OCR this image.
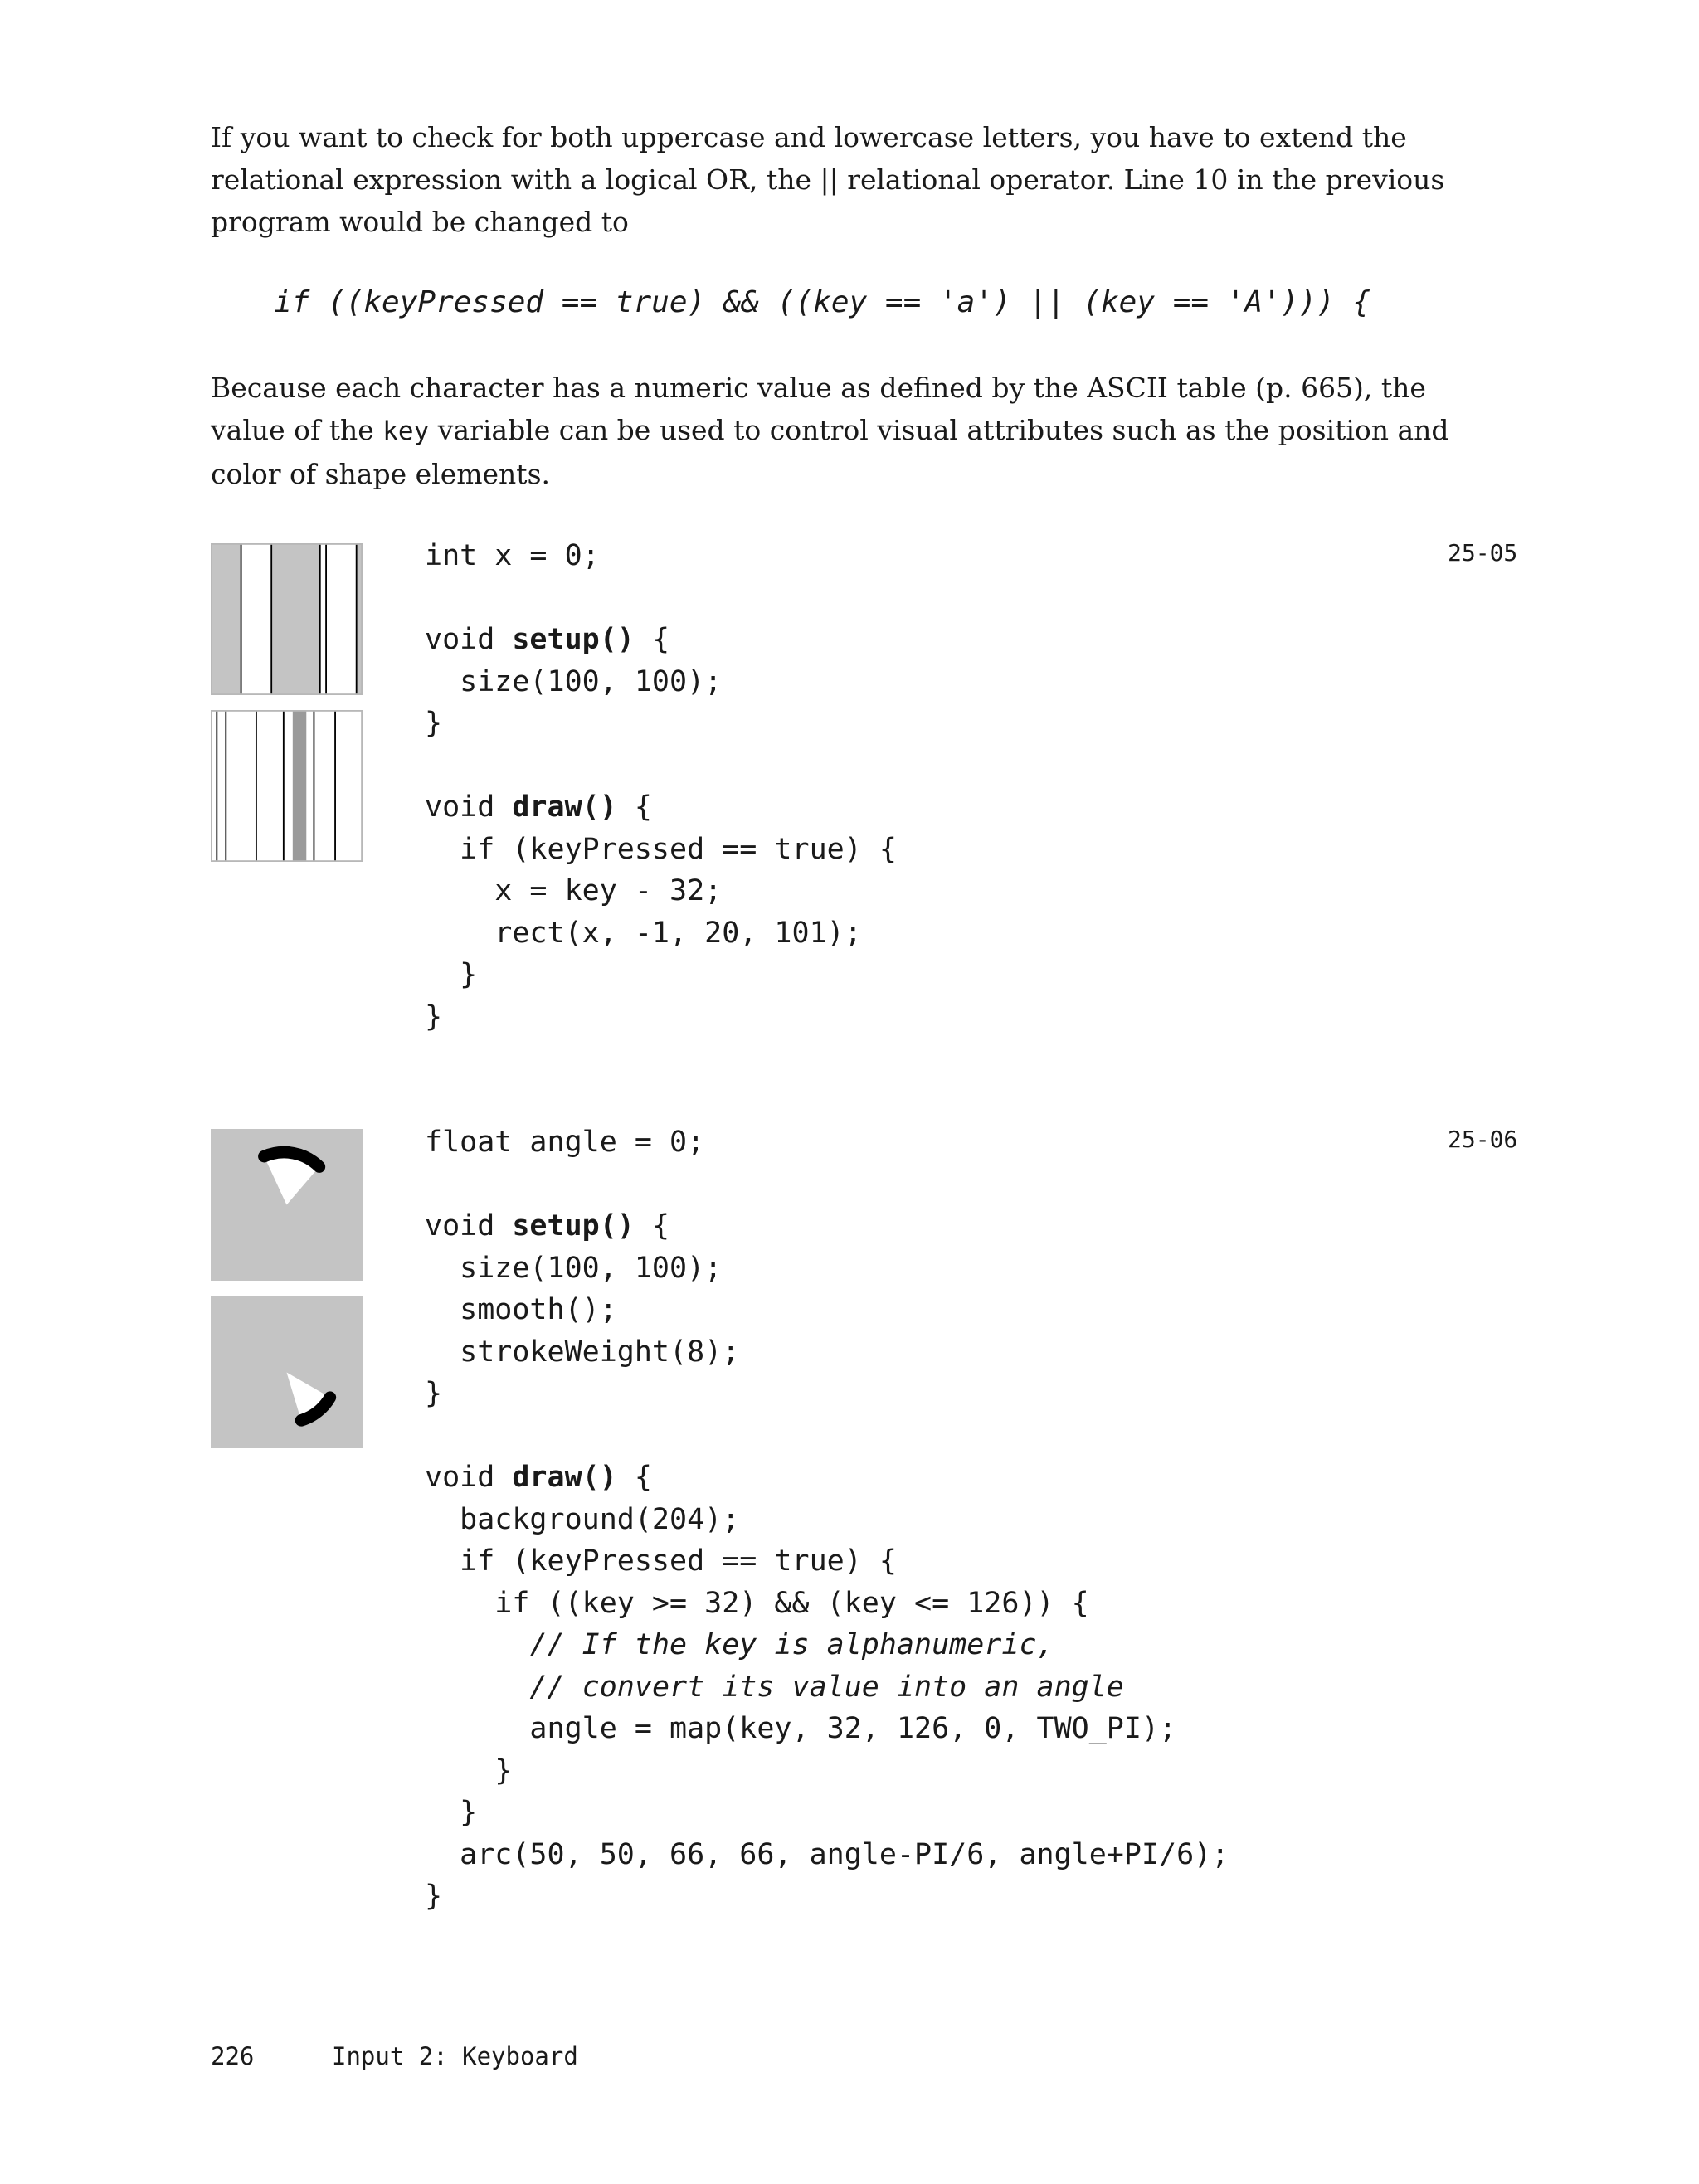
If you want to check for both uppercase and lowercase letters, you have to extend the relational expression with a logical OR, the || relational operator. Line 10 in the previous program would be changed to

if ((keyPressed == true) && ((key == 'a') || (key == 'A'))) {

Because each character has a numeric value as defined by the ASCII table (p. 665), the value of the key variable can be used to control visual attributes such as the position and color of shape elements.

25-05
25-06
int x = 0;
void setup() {
size(100, 100);
}
void draw() {
if (keyPressed == true) {
x = key - 32;
rect(x, -1, 20, 101);
}
}
float angle = 0;
void setup() {
size(100, 100);
smooth();
strokeWeight(8);
}
void draw() {
background(204);
if (keyPressed == true) {
if ((key >= 32) && (key <= 126)) {
// If the key is alphanumeric,
// convert its value into an angle
angle = map(key, 32, 126, 0, TWO_PI);
}
}
arc(50, 50, 66, 66, angle-PI/6, angle+PI/6);
}
226	Input 2: Keyboard
